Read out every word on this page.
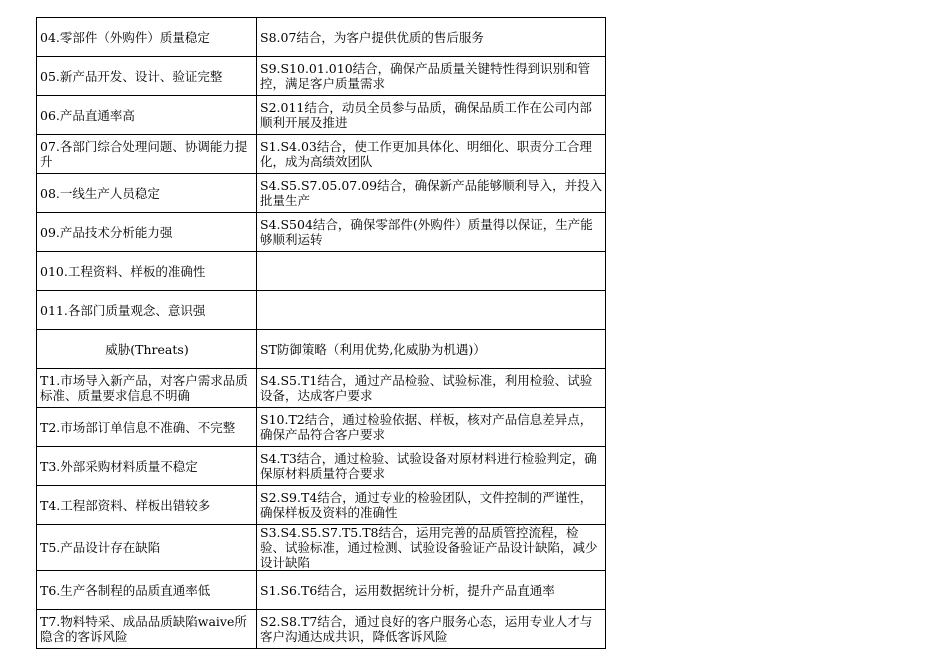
04.零部件（外购件）质量稳定	S8.07结合，为客户提供优质的售后服务
05.新产品开发、设计、验证完整	S9.S10.01.010结合，确保产品质量关键特性得到识别和管控，满足客户质量需求
06.产品直通率高	S2.011结合，动员全员参与品质，确保品质工作在公司内部顺利开展及推进
07.各部门综合处理问题、协调能力提升	S1.S4.03结合，使工作更加具体化、明细化、职责分工合理化，成为高绩效团队
08.一线生产人员稳定	S4.S5.S7.05.07.09结合，确保新产品能够顺利导入，并投入批量生产
09.产品技术分析能力强	S4.S504结合，确保零部件(外购件）质量得以保证，生产能够顺利运转
010.工程资料、样板的准确性	
011.各部门质量观念、意识强	
威胁(Threats)	ST防御策略（利用优势,化威胁为机遇)）
T1.市场导入新产品，对客户需求品质标准、质量要求信息不明确	S4.S5.T1结合，通过产品检验、试验标准，利用检验、试验设备，达成客户要求
T2.市场部订单信息不准确、不完整	S10.T2结合，通过检验依据、样板，核对产品信息差异点，确保产品符合客户要求
T3.外部采购材料质量不稳定	S4.T3结合，通过检验、试验设备对原材料进行检验判定，确保原材料质量符合要求
T4.工程部资料、样板出错较多	S2.S9.T4结合，通过专业的检验团队，文件控制的严谨性，确保样板及资料的准确性
T5.产品设计存在缺陷	S3.S4.S5.S7.T5.T8结合，运用完善的品质管控流程，检验、试验标准，通过检测、试验设备验证产品设计缺陷，减少设计缺陷
T6.生产各制程的品质直通率低	S1.S6.T6结合，运用数据统计分析，提升产品直通率
T7.物料特采、成品品质缺陷waive所隐含的客诉风险	S2.S8.T7结合，通过良好的客户服务心态，运用专业人才与客户沟通达成共识，降低客诉风险
